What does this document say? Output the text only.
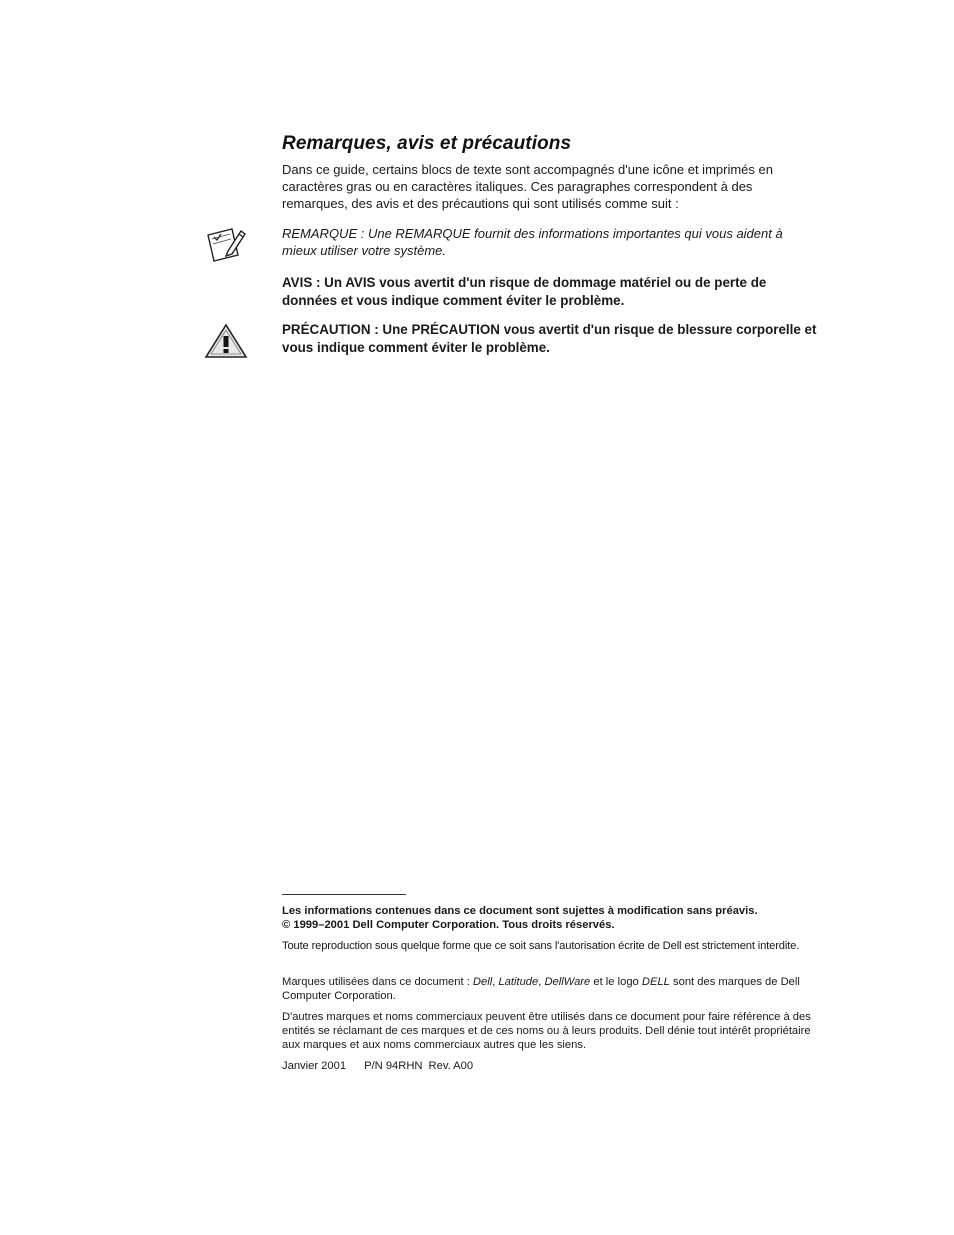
Remarques, avis et précautions

Dans ce guide, certains blocs de texte sont accompagnés d'une icône et imprimés en caractères gras ou en caractères italiques. Ces paragraphes correspondent à des remarques, des avis et des précautions qui sont utilisés comme suit :

REMARQUE : Une REMARQUE fournit des informations importantes qui vous aident à mieux utiliser votre système.

AVIS : Un AVIS vous avertit d'un risque de dommage matériel ou de perte de données et vous indique comment éviter le problème.

PRÉCAUTION : Une PRÉCAUTION vous avertit d'un risque de blessure corporelle et vous indique comment éviter le problème.

Les informations contenues dans ce document sont sujettes à modification sans préavis.
© 1999–2001 Dell Computer Corporation. Tous droits réservés.

Toute reproduction sous quelque forme que ce soit sans l'autorisation écrite de Dell est strictement interdite.

Marques utilisées dans ce document : Dell, Latitude, DellWare et le logo DELL sont des marques de Dell Computer Corporation.

D'autres marques et noms commerciaux peuvent être utilisés dans ce document pour faire référence à des entités se réclamant de ces marques et de ces noms ou à leurs produits. Dell dénie tout intérêt propriétaire aux marques et aux noms commerciaux autres que les siens.

Janvier 2001 P/N 94RHN Rev. A00
